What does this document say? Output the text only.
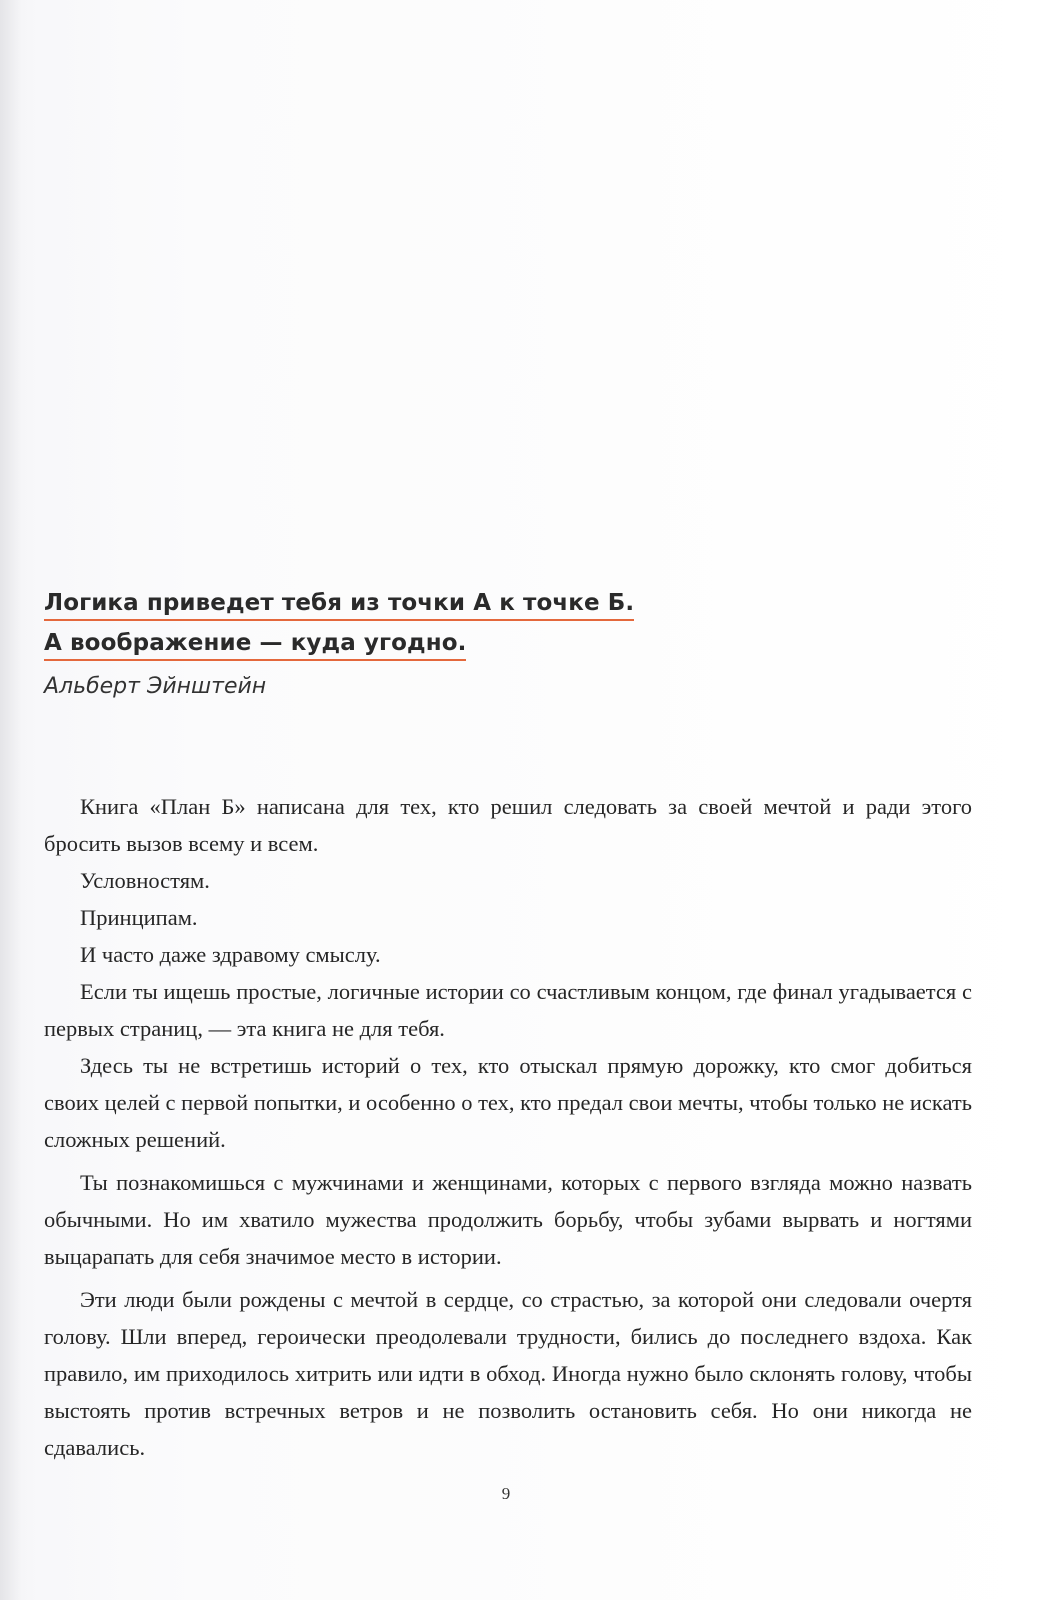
Логика приведет тебя из точки А к точке Б.
А воображение — куда угодно.
Альберт Эйнштейн

Книга «План Б» написана для тех, кто решил следовать за своей мечтой и ради этого бросить вызов всему и всем.

Условностям.

Принципам.

И часто даже здравому смыслу.

Если ты ищешь простые, логичные истории со счастливым концом, где финал угадывается с первых страниц, — эта книга не для тебя.

Здесь ты не встретишь историй о тех, кто отыскал прямую дорожку, кто смог добиться своих целей с первой попытки, и особенно о тех, кто предал свои мечты, чтобы только не искать сложных решений.

Ты познакомишься с мужчинами и женщинами, которых с первого взгляда можно назвать обычными. Но им хватило мужества продолжить борьбу, чтобы зубами вырвать и ногтями выцарапать для себя значимое место в истории.

Эти люди были рождены с мечтой в сердце, со страстью, за которой они следовали очертя голову. Шли вперед, героически преодолевали трудности, бились до последнего вздоха. Как правило, им приходилось хитрить или идти в обход. Иногда нужно было склонять голову, чтобы выстоять против встречных ветров и не позволить остановить себя. Но они никогда не сдавались.

9
